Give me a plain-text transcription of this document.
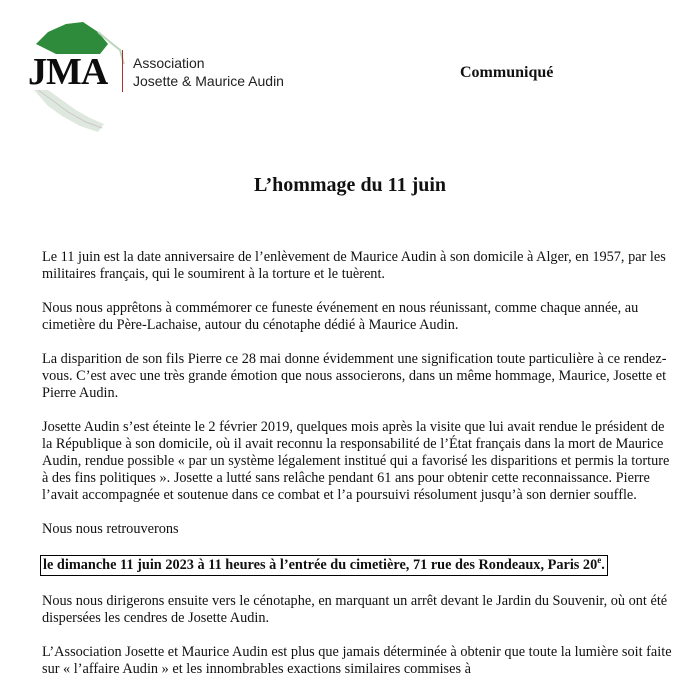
JMA Association
Josette & Maurice Audin	Communiqué
L’hommage du 11 juin

Le 11 juin est la date anniversaire de l’enlèvement de Maurice Audin à son domicile à Alger, en 1957, par les militaires français, qui le soumirent à la torture et le tuèrent.

Nous nous apprêtons à commémorer ce funeste événement en nous réunissant, comme chaque année, au cimetière du Père-Lachaise, autour du cénotaphe dédié à Maurice Audin.

La disparition de son fils Pierre ce 28 mai donne évidemment une signification toute particulière à ce rendez-vous. C’est avec une très grande émotion que nous associerons, dans un même hommage, Maurice, Josette et Pierre Audin.

Josette Audin s’est éteinte le 2 février 2019, quelques mois après la visite que lui avait rendue le président de la République à son domicile, où il avait reconnu la responsabilité de l’État français dans la mort de Maurice Audin, rendue possible « par un système légalement institué qui a favorisé les disparitions et permis la torture à des fins politiques ». Josette a lutté sans relâche pendant 61 ans pour obtenir cette reconnaissance. Pierre l’avait accompagnée et soutenue dans ce combat et l’a poursuivi résolument jusqu’à son dernier souffle.

Nous nous retrouverons

le dimanche 11 juin 2023 à 11 heures à l’entrée du cimetière, 71 rue des Rondeaux, Paris 20e.

Nous nous dirigerons ensuite vers le cénotaphe, en marquant un arrêt devant le Jardin du Souvenir, où ont été dispersées les cendres de Josette Audin.

L’Association Josette et Maurice Audin est plus que jamais déterminée à obtenir que toute la lumière soit faite sur « l’affaire Audin » et les innombrables exactions similaires commises à
